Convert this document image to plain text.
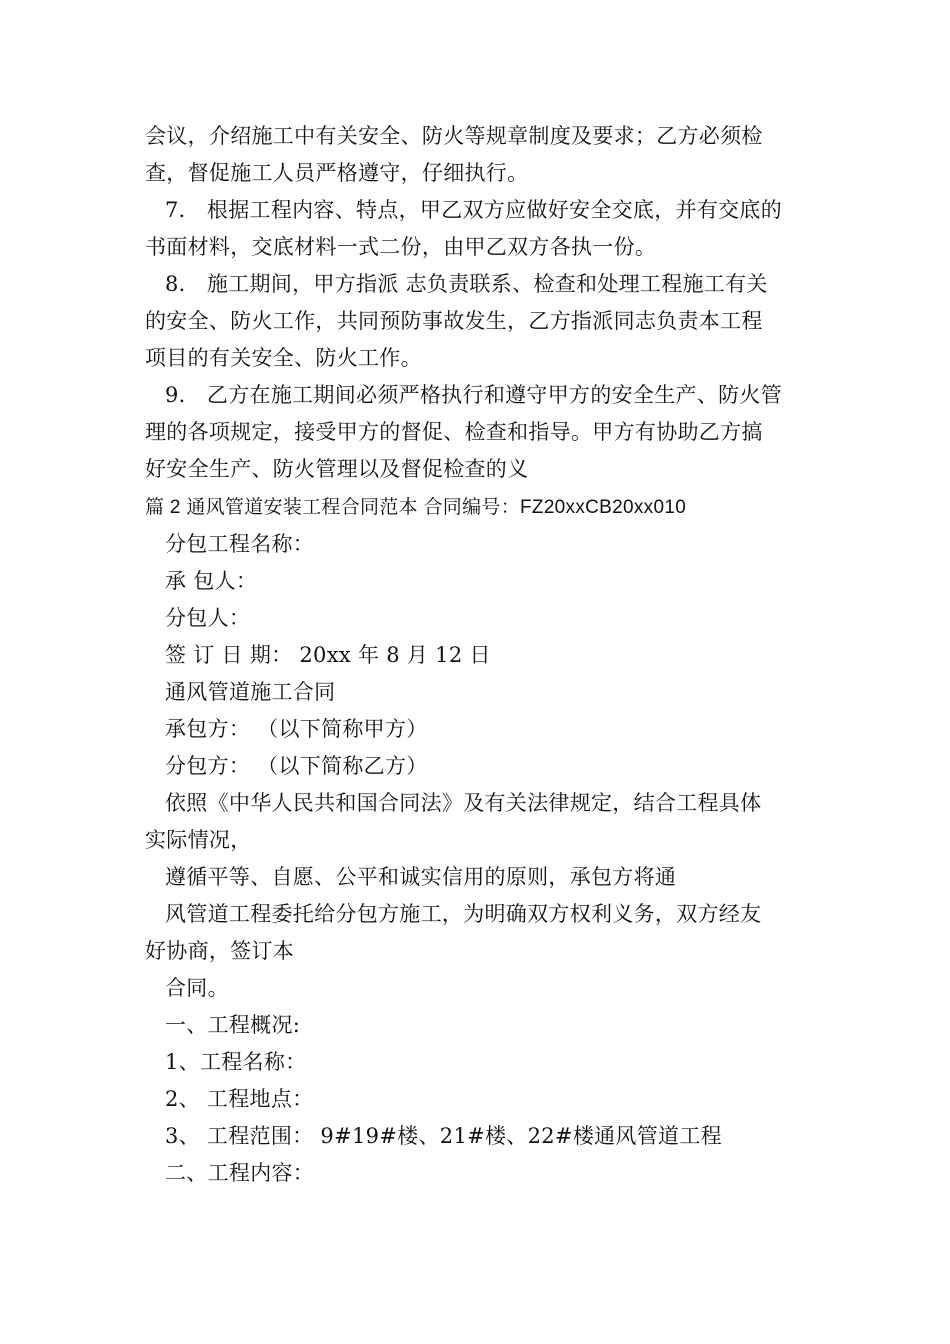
会议，介绍施工中有关安全、防火等规章制度及要求；乙方必须检
查，督促施工人员严格遵守，仔细执行。
7． 根据工程内容、特点，甲乙双方应做好安全交底，并有交底的
书面材料，交底材料一式二份，由甲乙双方各执一份。
8． 施工期间，甲方指派 志负责联系、检查和处理工程施工有关
的安全、防火工作，共同预防事故发生，乙方指派同志负责本工程
项目的有关安全、防火工作。
9． 乙方在施工期间必须严格执行和遵守甲方的安全生产、防火管
理的各项规定，接受甲方的督促、检查和指导。甲方有协助乙方搞
好安全生产、防火管理以及督促检查的义
篇 2 通风管道安装工程合同范本 合同编号：FZ20xxCB20xx010
分包工程名称：
承 包人：
分包人：
签 订 日 期： 20xx 年 8 月 12 日
通风管道施工合同
承包方： （以下简称甲方）
分包方： （以下简称乙方）
依照《中华人民共和国合同法》及有关法律规定，结合工程具体
实际情况，
遵循平等、自愿、公平和诚实信用的原则，承包方将通
风管道工程委托给分包方施工，为明确双方权利义务，双方经友
好协商，签订本
合同。
一、工程概况:
1、工程名称：
2、 工程地点：
3、 工程范围： 9#19#楼、21#楼、22#楼通风管道工程
二、工程内容：
